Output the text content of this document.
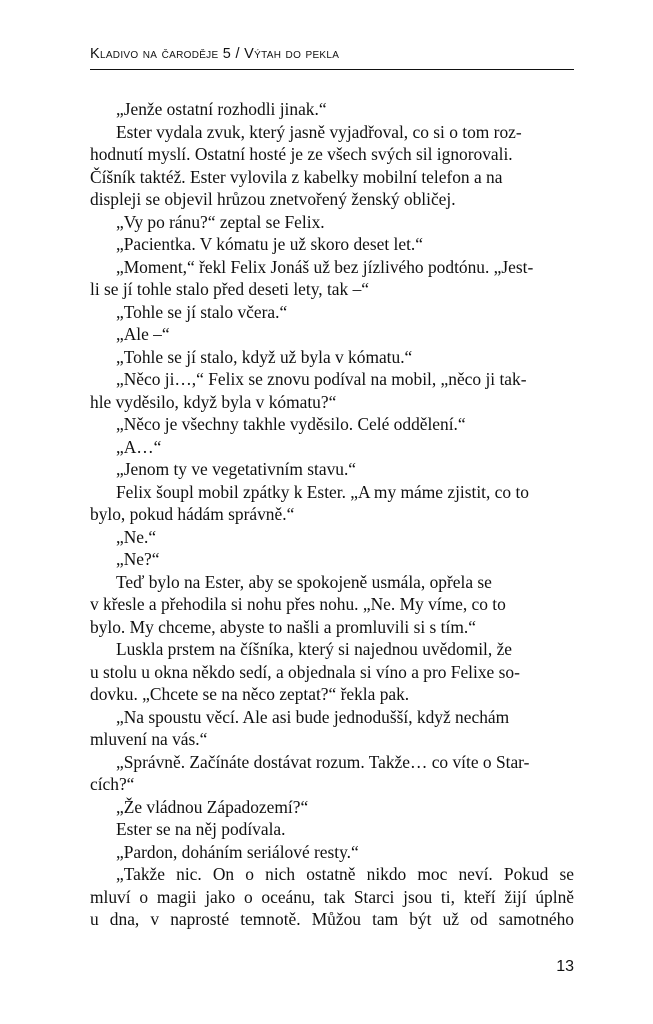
Kladivo na čaroděje 5 / Výtah do pekla

„Jenže ostatní rozhodli jinak.“

Ester vydala zvuk, který jasně vyjadřoval, co si o tom roz-
hodnutí myslí. Ostatní hosté je ze všech svých sil ignorovali.
Číšník taktéž. Ester vylovila z kabelky mobilní telefon a na
displeji se objevil hrůzou znetvořený ženský obličej.

„Vy po ránu?“ zeptal se Felix.

„Pacientka. V kómatu je už skoro deset let.“

„Moment,“ řekl Felix Jonáš už bez jízlivého podtónu. „Jest-
li se jí tohle stalo před deseti lety, tak –“

„Tohle se jí stalo včera.“

„Ale –“

„Tohle se jí stalo, když už byla v kómatu.“

„Něco ji…,“ Felix se znovu podíval na mobil, „něco ji tak-
hle vyděsilo, když byla v kómatu?“

„Něco je všechny takhle vyděsilo. Celé oddělení.“

„A…“

„Jenom ty ve vegetativním stavu.“

Felix šoupl mobil zpátky k Ester. „A my máme zjistit, co to
bylo, pokud hádám správně.“

„Ne.“

„Ne?“

Teď bylo na Ester, aby se spokojeně usmála, opřela se
v křesle a přehodila si nohu přes nohu. „Ne. My víme, co to
bylo. My chceme, abyste to našli a promluvili si s tím.“

Luskla prstem na číšníka, který si najednou uvědomil, že
u stolu u okna někdo sedí, a objednala si víno a pro Felixe so-
dovku. „Chcete se na něco zeptat?“ řekla pak.

„Na spoustu věcí. Ale asi bude jednodušší, když nechám
mluvení na vás.“

„Správně. Začínáte dostávat rozum. Takže… co víte o Star-
cích?“

„Že vládnou Západozemí?“

Ester se na něj podívala.

„Pardon, doháním seriálové resty.“

„Takže nic. On o nich ostatně nikdo moc neví. Pokud se
mluví o magii jako o oceánu, tak Starci jsou ti, kteří žijí úplně
u dna, v naprosté temnotě. Můžou tam být už od samotného

13
